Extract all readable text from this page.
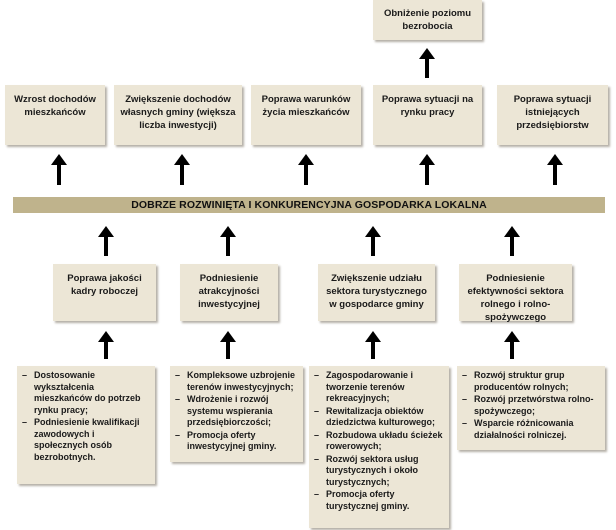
Obniżenie poziomu bezrobocia
Wzrost dochodów mieszkańców
Zwiększenie dochodów własnych gminy (większa liczba inwestycji)
Poprawa warunków życia mieszkańców
Poprawa sytuacji na rynku pracy
Poprawa sytuacji istniejących przedsiębiorstw
DOBRZE ROZWINIĘTA I KONKURENCYJNA GOSPODARKA LOKALNA
Poprawa jakości kadry roboczej
Podniesienie atrakcyjności inwestycyjnej
Zwiększenie udziału sektora turystycznego w gospodarce gminy
Podniesienie efektywności sektora rolnego i rolno-spożywczego
– Dostosowanie wykształcenia mieszkańców do potrzeb rynku pracy;
– Podniesienie kwalifikacji zawodowych i społecznych osób bezrobotnych.
– Kompleksowe uzbrojenie terenów inwestycyjnych;
– Wdrożenie i rozwój systemu wspierania przedsiębiorczości;
– Promocja oferty inwestycyjnej gminy.
– Zagospodarowanie i tworzenie terenów rekreacyjnych;
– Rewitalizacja obiektów dziedzictwa kulturowego;
– Rozbudowa układu ścieżek rowerowych;
– Rozwój sektora usług turystycznych i około turystycznych;
– Promocja oferty turystycznej gminy.
– Rozwój struktur grup producentów rolnych;
– Rozwój przetwórstwa rolno-spożywczego;
– Wsparcie różnicowania działalności rolniczej.
